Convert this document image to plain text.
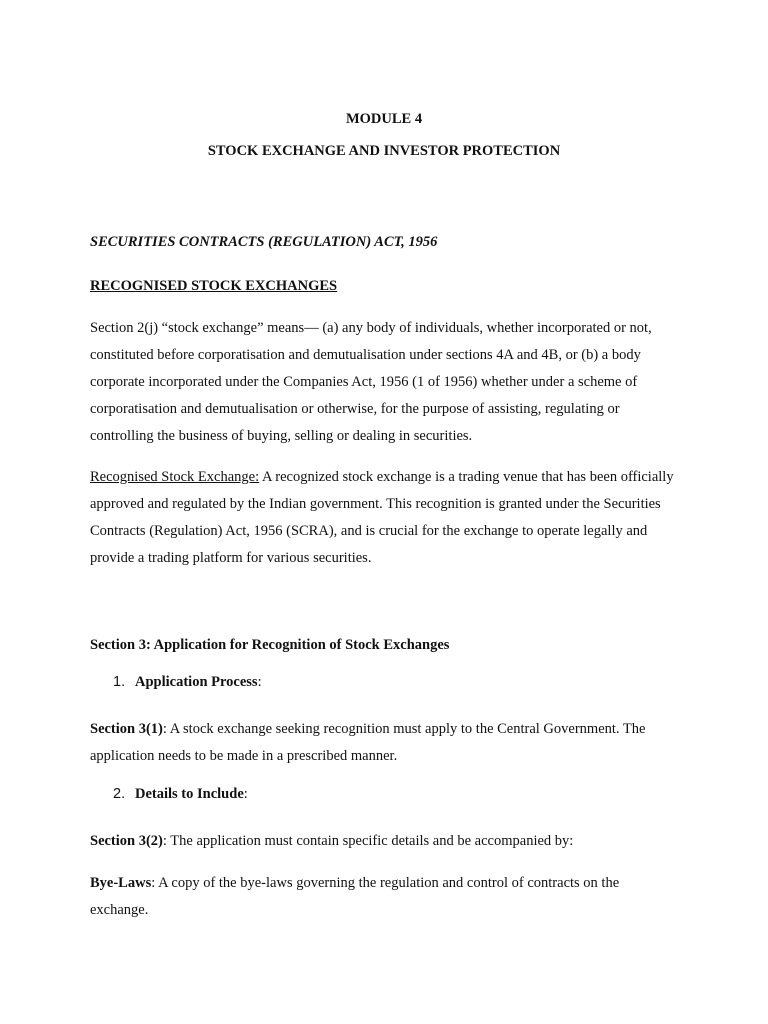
MODULE 4
STOCK EXCHANGE AND INVESTOR PROTECTION
SECURITIES CONTRACTS (REGULATION) ACT, 1956
RECOGNISED STOCK EXCHANGES
Section 2(j) “stock exchange” means— (a) any body of individuals, whether incorporated or not, constituted before corporatisation and demutualisation under sections 4A and 4B, or (b) a body corporate incorporated under the Companies Act, 1956 (1 of 1956) whether under a scheme of corporatisation and demutualisation or otherwise, for the purpose of assisting, regulating or controlling the business of buying, selling or dealing in securities.
Recognised Stock Exchange: A recognized stock exchange is a trading venue that has been officially approved and regulated by the Indian government. This recognition is granted under the Securities Contracts (Regulation) Act, 1956 (SCRA), and is crucial for the exchange to operate legally and provide a trading platform for various securities.
Section 3: Application for Recognition of Stock Exchanges
1. Application Process:
Section 3(1): A stock exchange seeking recognition must apply to the Central Government. The application needs to be made in a prescribed manner.
2. Details to Include:
Section 3(2): The application must contain specific details and be accompanied by:
Bye-Laws: A copy of the bye-laws governing the regulation and control of contracts on the exchange.
